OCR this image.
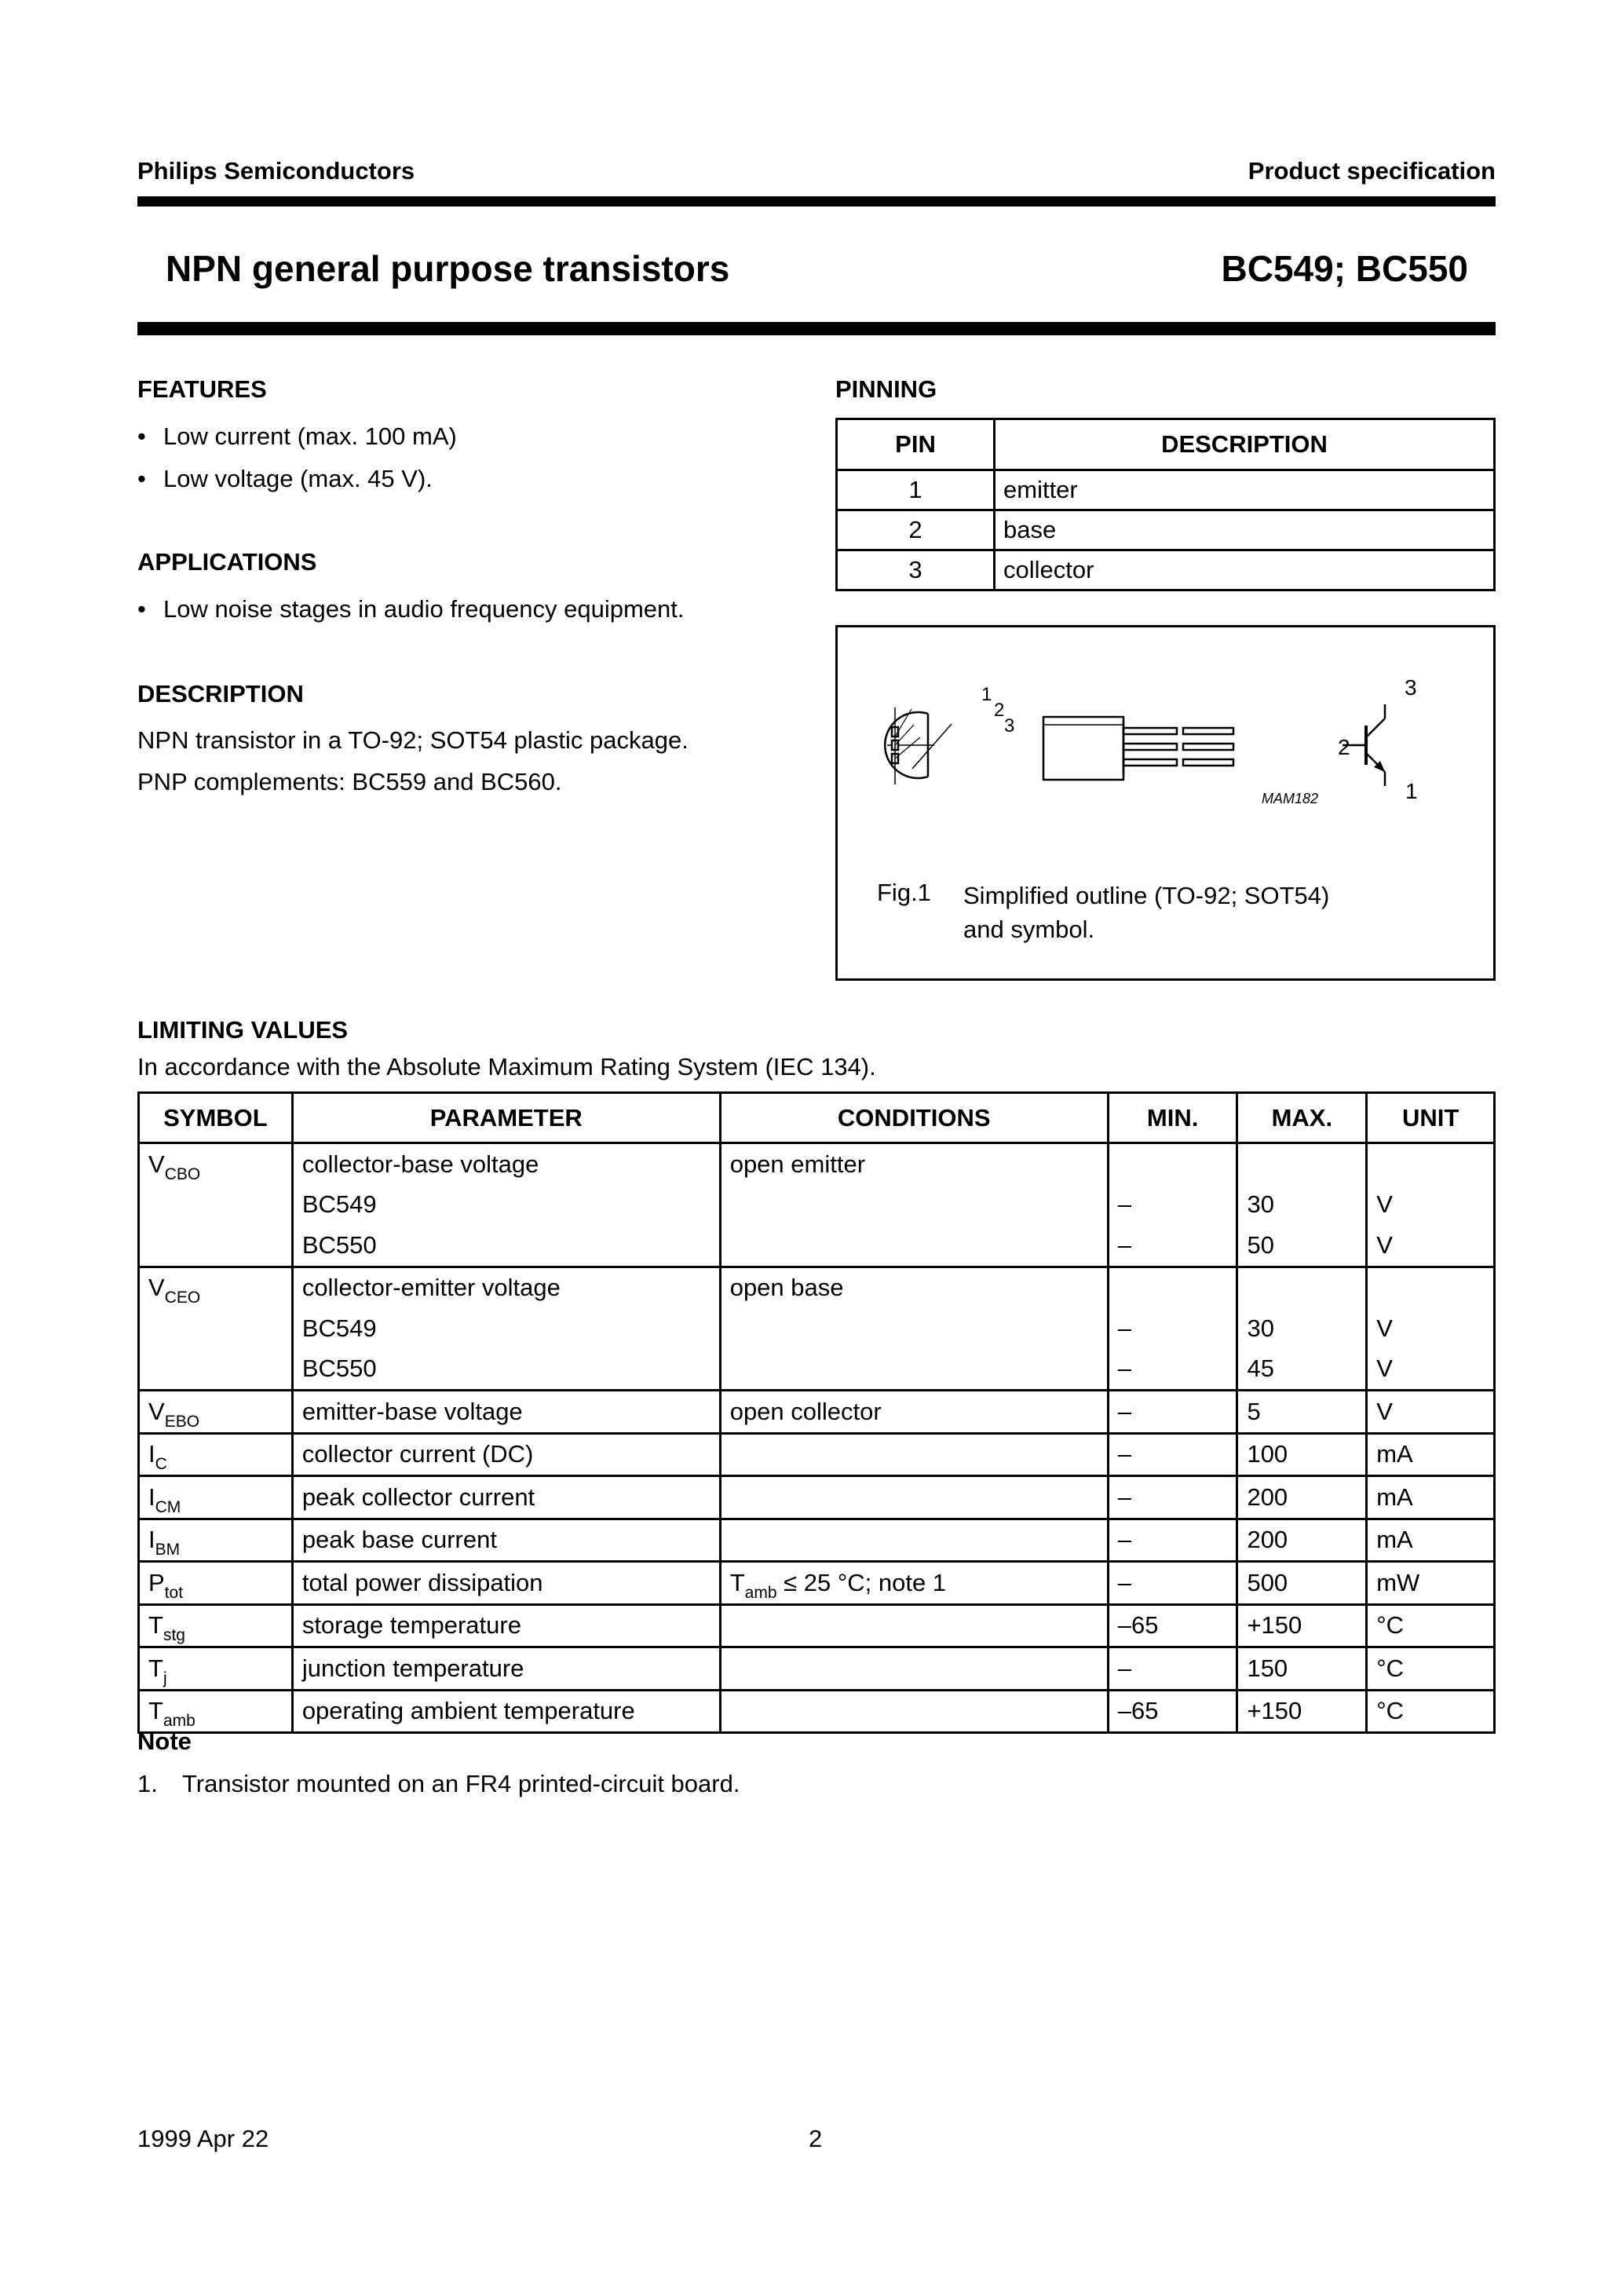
Philips Semiconductors	Product specification
NPN general purpose transistors	BC549; BC550
FEATURES
• Low current (max. 100 mA)
• Low voltage (max. 45 V).
APPLICATIONS
• Low noise stages in audio frequency equipment.
DESCRIPTION
NPN transistor in a TO-92; SOT54 plastic package.
PNP complements: BC559 and BC560.
PINNING
PIN	DESCRIPTION
1	emitter
2	base
3	collector
1
2
3
3
2
1
MAM182
Fig.1 Simplified outline (TO-92; SOT54)
and symbol.
LIMITING VALUES
In accordance with the Absolute Maximum Rating System (IEC 134).
SYMBOL	PARAMETER	CONDITIONS	MIN.	MAX.	UNIT
$V_{CBO}$	collector-base voltage	open emitter			
	BC549		–	30	V
	BC550		–	50	V
$V_{CEO}$	collector-emitter voltage	open base			
	BC549		–	30	V
	BC550		–	45	V
$V_{EBO}$	emitter-base voltage	open collector	–	5	V
$I_C$	collector current (DC)		–	100	mA
$I_{CM}$	peak collector current		–	200	mA
$I_{BM}$	peak base current		–	200	mA
$P_{tot}$	total power dissipation	$T_{amb} \le 25$ °C; note 1	–	500	mW
$T_{stg}$	storage temperature		–65	+150	°C
$T_j$	junction temperature		–	150	°C
$T_{amb}$	operating ambient temperature		–65	+150	°C
Note
1. Transistor mounted on an FR4 printed-circuit board.
1999 Apr 22	2
